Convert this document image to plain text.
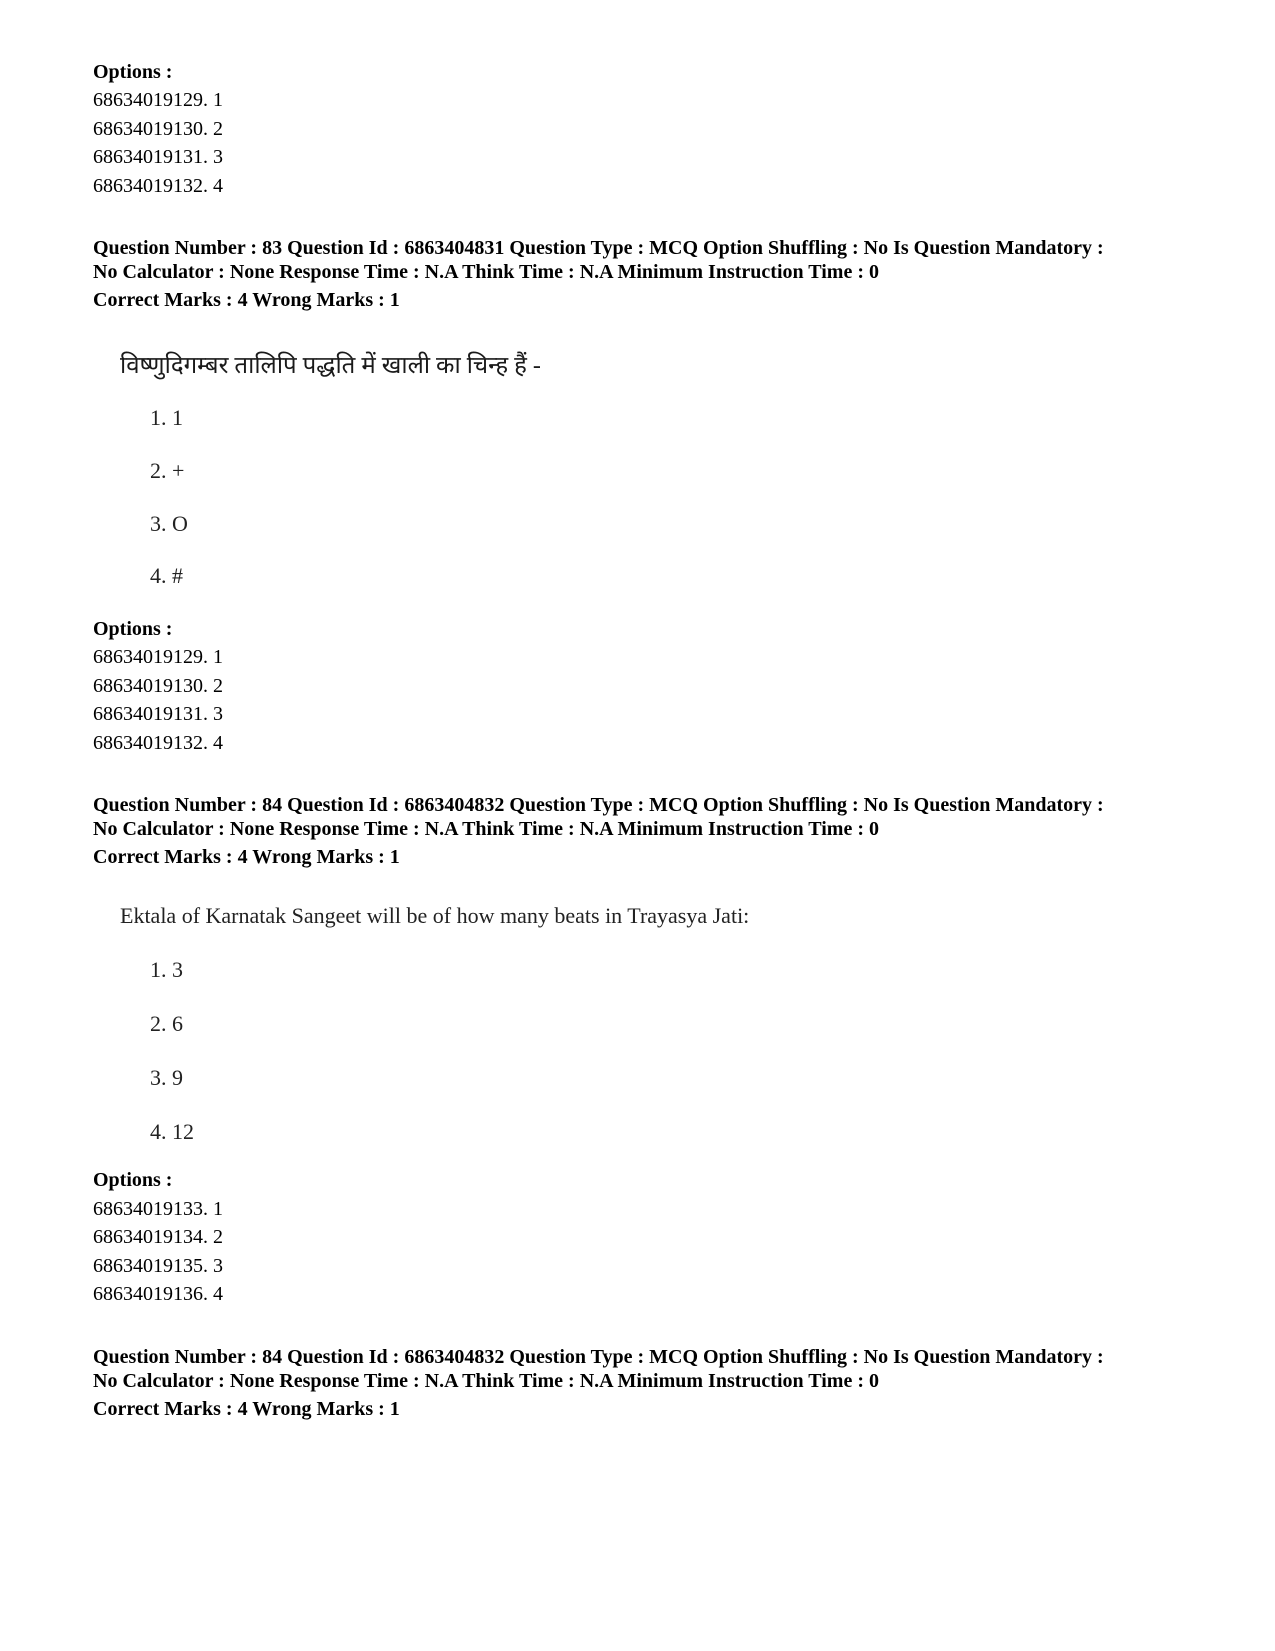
Options :
68634019129. 1
68634019130. 2
68634019131. 3
68634019132. 4
Question Number : 83 Question Id : 6863404831 Question Type : MCQ Option Shuffling : No Is Question Mandatory :
No Calculator : None Response Time : N.A Think Time : N.A Minimum Instruction Time : 0
Correct Marks : 4 Wrong Marks : 1
विष्णुदिगम्बर तालिपि पद्धति में खाली का चिन्ह हैं -
1. 1
2. +
3. O
4. #
Options :
68634019129. 1
68634019130. 2
68634019131. 3
68634019132. 4
Question Number : 84 Question Id : 6863404832 Question Type : MCQ Option Shuffling : No Is Question Mandatory :
No Calculator : None Response Time : N.A Think Time : N.A Minimum Instruction Time : 0
Correct Marks : 4 Wrong Marks : 1
Ektala of Karnatak Sangeet will be of how many beats in Trayasya Jati:
1. 3
2. 6
3. 9
4. 12
Options :
68634019133. 1
68634019134. 2
68634019135. 3
68634019136. 4
Question Number : 84 Question Id : 6863404832 Question Type : MCQ Option Shuffling : No Is Question Mandatory :
No Calculator : None Response Time : N.A Think Time : N.A Minimum Instruction Time : 0
Correct Marks : 4 Wrong Marks : 1
